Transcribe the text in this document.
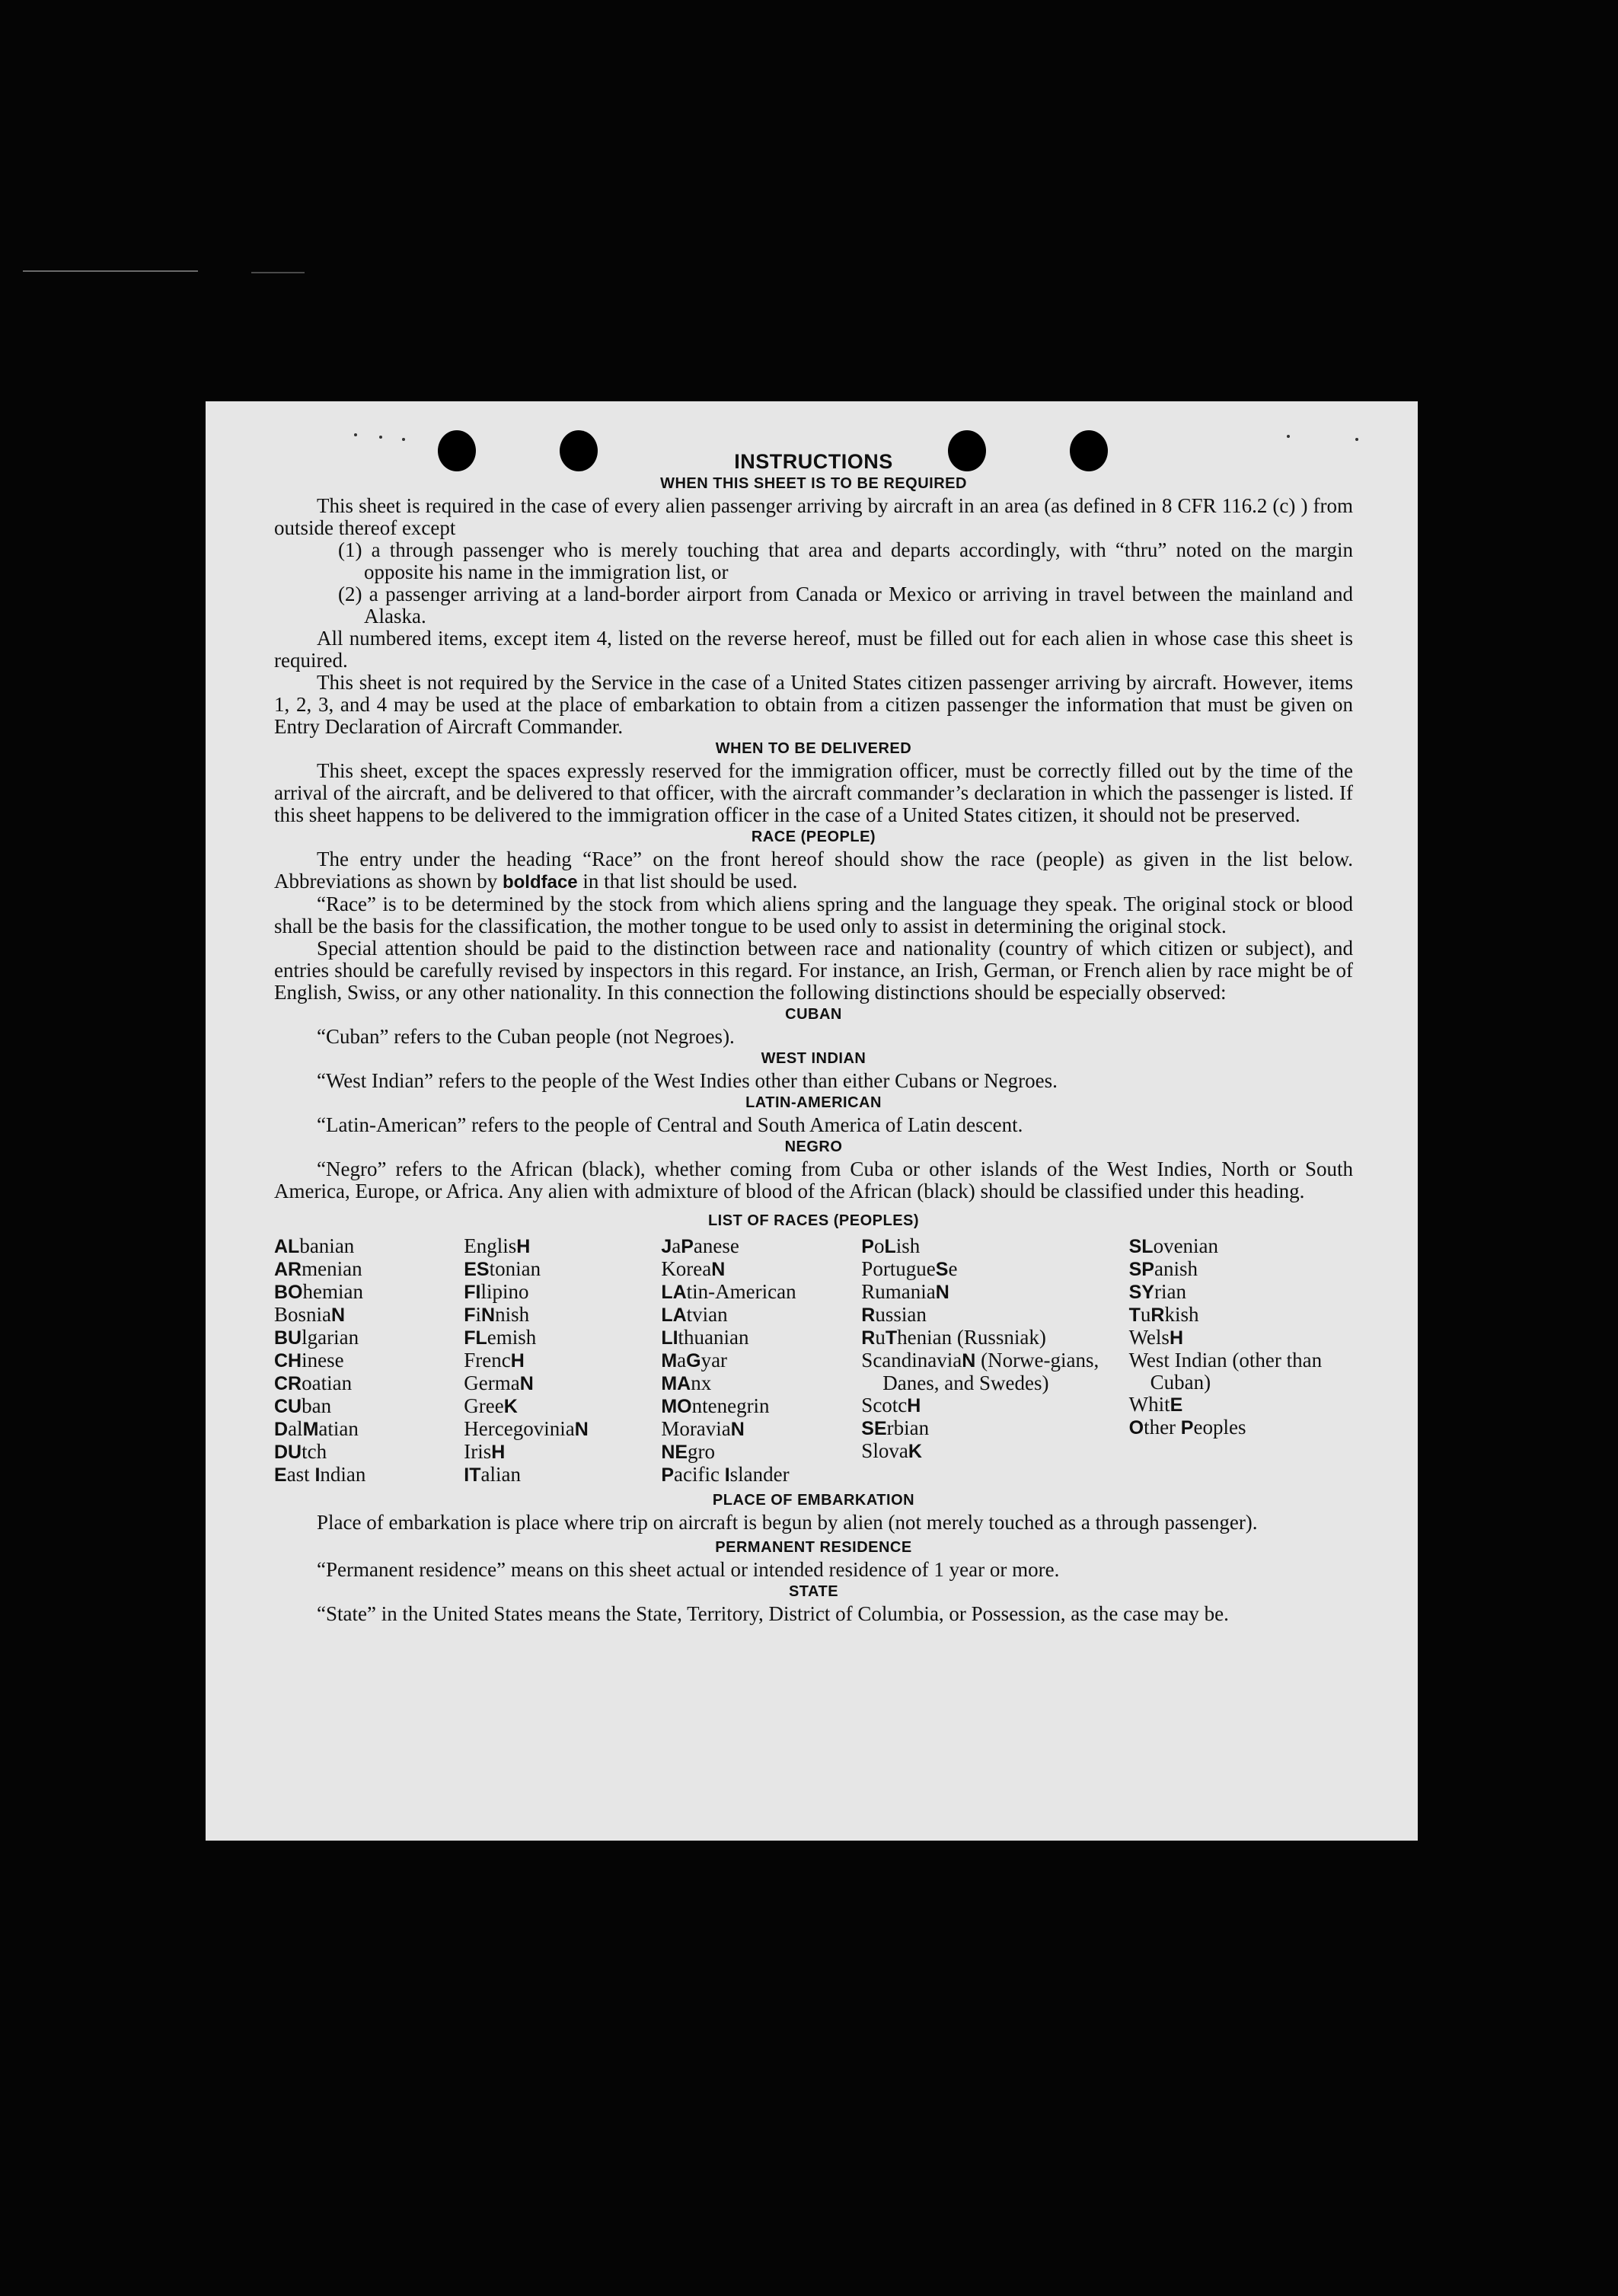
INSTRUCTIONS
WHEN THIS SHEET IS TO BE REQUIRED

This sheet is required in the case of every alien passenger arriving by aircraft in an area (as defined in 8 CFR 116.2 (c) ) from outside thereof except

(1) a through passenger who is merely touching that area and departs accordingly, with “thru” noted on the margin opposite his name in the immigration list, or

(2) a passenger arriving at a land-border airport from Canada or Mexico or arriving in travel between the mainland and Alaska.

All numbered items, except item 4, listed on the reverse hereof, must be filled out for each alien in whose case this sheet is required.

This sheet is not required by the Service in the case of a United States citizen passenger arriving by aircraft. However, items 1, 2, 3, and 4 may be used at the place of embarkation to obtain from a citizen passenger the information that must be given on Entry Declaration of Aircraft Commander.

WHEN TO BE DELIVERED

This sheet, except the spaces expressly reserved for the immigration officer, must be correctly filled out by the time of the arrival of the aircraft, and be delivered to that officer, with the aircraft commander’s declaration in which the passenger is listed. If this sheet happens to be delivered to the immigration officer in the case of a United States citizen, it should not be preserved.

RACE (PEOPLE)

The entry under the heading “Race” on the front hereof should show the race (people) as given in the list below. Abbreviations as shown by boldface in that list should be used.

“Race” is to be determined by the stock from which aliens spring and the language they speak. The original stock or blood shall be the basis for the classification, the mother tongue to be used only to assist in determining the original stock.

Special attention should be paid to the distinction between race and nationality (country of which citizen or subject), and entries should be carefully revised by inspectors in this regard. For instance, an Irish, German, or French alien by race might be of English, Swiss, or any other nationality. In this connection the following distinctions should be especially observed:

CUBAN

“Cuban” refers to the Cuban people (not Negroes).

WEST INDIAN

“West Indian” refers to the people of the West Indies other than either Cubans or Negroes.

LATIN-AMERICAN

“Latin-American” refers to the people of Central and South America of Latin descent.

NEGRO

“Negro” refers to the African (black), whether coming from Cuba or other islands of the West Indies, North or South America, Europe, or Africa. Any alien with admixture of blood of the African (black) should be classified under this heading.

LIST OF RACES (PEOPLES)
ALbanian
ARmenian
BOhemian
BosniaN
BUlgarian
CHinese
CRoatian
CUban
DalMatian
DUtch
East Indian
EnglisH
EStonian
FIlipino
FiNnish
FLemish
FrencH
GermaN
GreeK
HercegoviniaN
IrisH
ITalian
JaPanese
KoreaN
LAtin-American
LAtvian
LIthuanian
MaGyar
MAnx
MOntenegrin
MoraviaN
NEgro
Pacific Islander
PoLish
PortugueSe
RumaniaN
Russian
RuThenian (Russniak)
ScandinaviaN (Norwe-gians, Danes, and Swedes)
ScotcH
SErbian
SlovaK
SLovenian
SPanish
SYrian
TuRkish
WelsH
West Indian (other than Cuban)
WhitE
Other Peoples
PLACE OF EMBARKATION

Place of embarkation is place where trip on aircraft is begun by alien (not merely touched as a through passenger).

PERMANENT RESIDENCE

“Permanent residence” means on this sheet actual or intended residence of 1 year or more.

STATE

“State” in the United States means the State, Territory, District of Columbia, or Possession, as the case may be.
